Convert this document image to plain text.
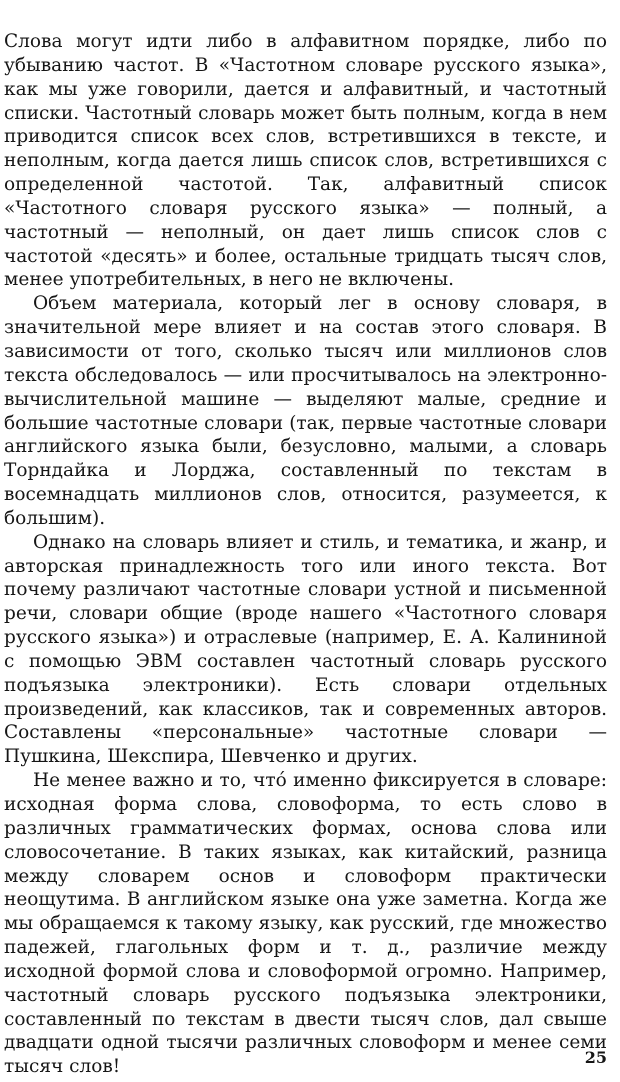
Слова могут идти либо в алфавитном порядке, либо по убыванию частот. В «Частотном словаре русского языка», как мы уже говорили, дается и алфавитный, и частотный списки. Частотный словарь может быть полным, когда в нем приводится список всех слов, встретившихся в тексте, и неполным, когда дается лишь список слов, встретившихся с определенной частотой. Так, алфавитный список «Частотного словаря русского языка» — полный, а частотный — неполный, он дает лишь список слов с частотой «десять» и более, остальные тридцать тысяч слов, менее употребительных, в него не включены.

Объем материала, который лег в основу словаря, в значительной мере влияет и на состав этого словаря. В зависимости от того, сколько тысяч или миллионов слов текста обследовалось — или просчитывалось на электронно-вычислительной машине — выделяют малые, средние и большие частотные словари (так, первые частотные словари английского языка были, безусловно, малыми, а словарь Торндайка и Лорджа, составленный по текстам в восемнадцать миллионов слов, относится, разумеется, к большим).

Однако на словарь влияет и стиль, и тематика, и жанр, и авторская принадлежность того или иного текста. Вот почему различают частотные словари устной и письменной речи, словари общие (вроде нашего «Частотного словаря русского языка») и отраслевые (например, Е. А. Калининой с помощью ЭВМ составлен частотный словарь русского подъязыка электроники). Есть словари отдельных произведений, как классиков, так и современных авторов. Составлены «персональные» частотные словари — Пушкина, Шекспира, Шевченко и других.

Не менее важно и то, что́ именно фиксируется в словаре: исходная форма слова, словоформа, то есть слово в различных грамматических формах, основа слова или словосочетание. В таких языках, как китайский, разница между словарем основ и словоформ практически неощутима. В английском языке она уже заметна. Когда же мы обращаемся к такому языку, как русский, где множество падежей, глагольных форм и т. д., различие между исходной формой слова и словоформой огромно. Например, частотный словарь русского подъязыка электроники, составленный по текстам в двести тысяч слов, дал свыше двадцати одной тысячи различных словоформ и менее семи тысяч слов!	25
